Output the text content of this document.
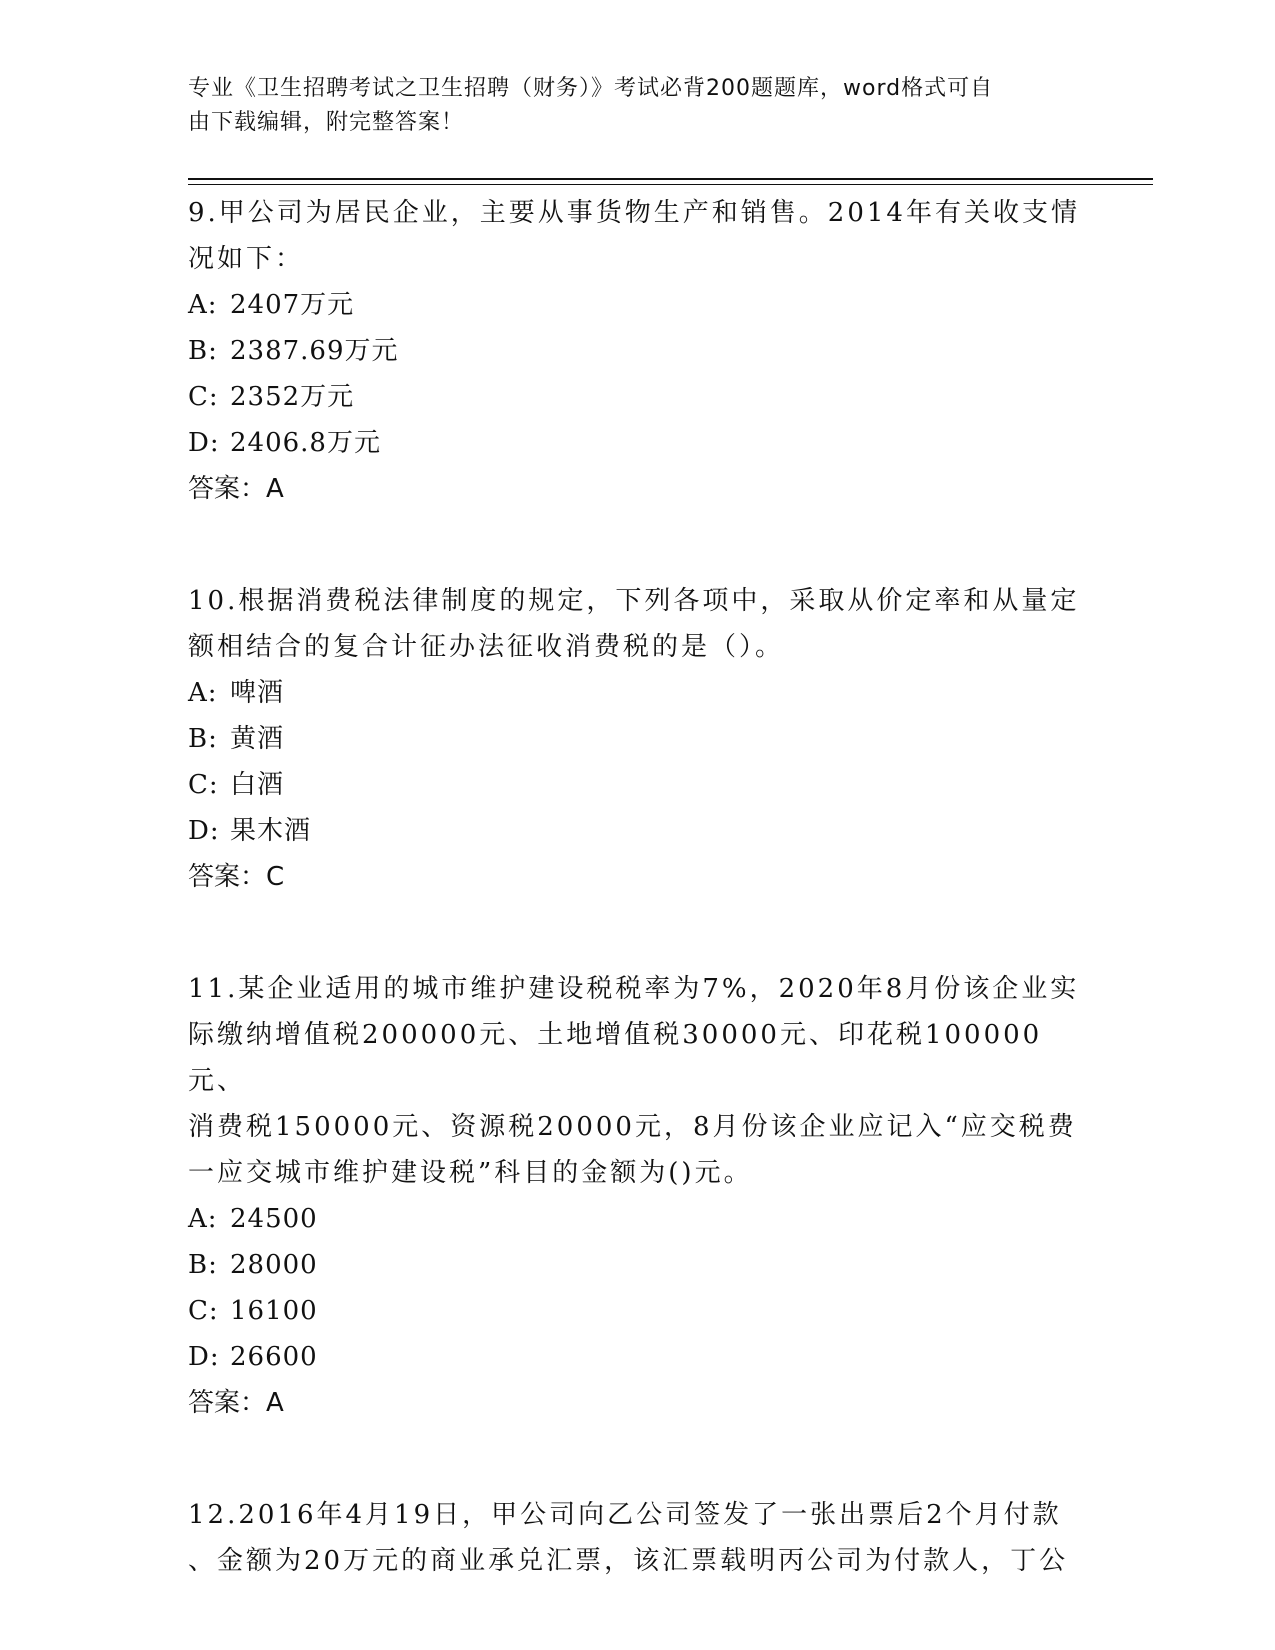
专业《卫生招聘考试之卫生招聘（财务）》考试必背200题题库，word格式可自
由下载编辑，附完整答案！

9.甲公司为居民企业，主要从事货物生产和销售。2014年有关收支情

况如下：

A: 2407万元

B: 2387.69万元

C: 2352万元

D: 2406.8万元

答案：A

10.根据消费税法律制度的规定，下列各项中，采取从价定率和从量定

额相结合的复合计征办法征收消费税的是（）。

A: 啤酒

B: 黄酒

C: 白酒

D: 果木酒

答案：C

11.某企业适用的城市维护建设税税率为7%，2020年8月份该企业实

际缴纳增值税200000元、土地增值税30000元、印花税100000元、

消费税150000元、资源税20000元，8月份该企业应记入“应交税费

一应交城市维护建设税”科目的金额为()元。

A: 24500

B: 28000

C: 16100

D: 26600

答案：A

12.2016年4月19日，甲公司向乙公司签发了一张出票后2个月付款

、金额为20万元的商业承兑汇票，该汇票载明丙公司为付款人，丁公
